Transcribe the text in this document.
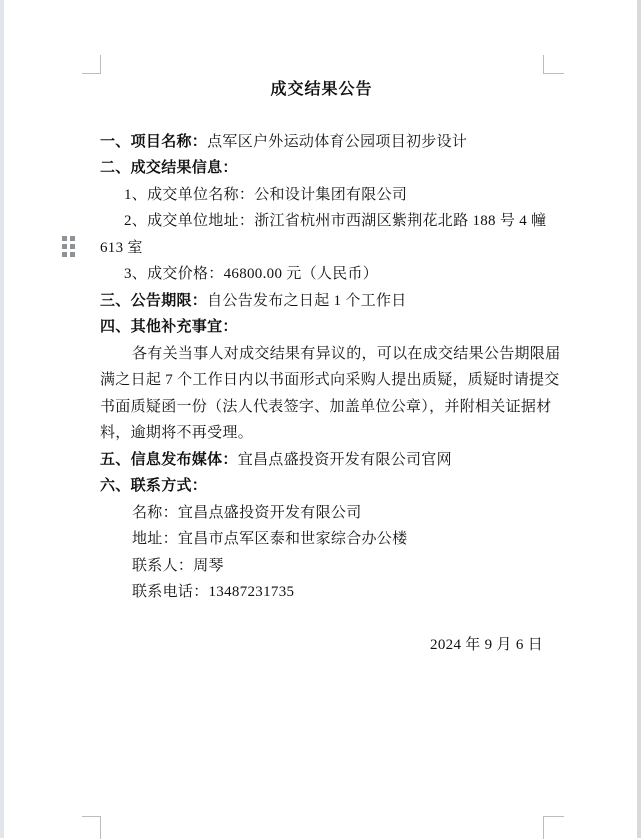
成交结果公告
一、项目名称： 点军区户外运动体育公园项目初步设计
二、成交结果信息：
1、成交单位名称：公和设计集团有限公司
2、成交单位地址：浙江省杭州市西湖区紫荆花北路 188 号 4 幢
613 室
3、成交价格：46800.00 元（人民币）
三、公告期限： 自公告发布之日起 1 个工作日
四、其他补充事宜：
各有关当事人对成交结果有异议的，可以在成交结果公告期限届
满之日起 7 个工作日内以书面形式向采购人提出质疑，质疑时请提交
书面质疑函一份（法人代表签字、加盖单位公章），并附相关证据材
料，逾期将不再受理。
五、信息发布媒体： 宜昌点盛投资开发有限公司官网
六、联系方式：
名称：宜昌点盛投资开发有限公司
地址：宜昌市点军区泰和世家综合办公楼
联系人：周琴
联系电话：13487231735
2024 年 9 月 6 日
